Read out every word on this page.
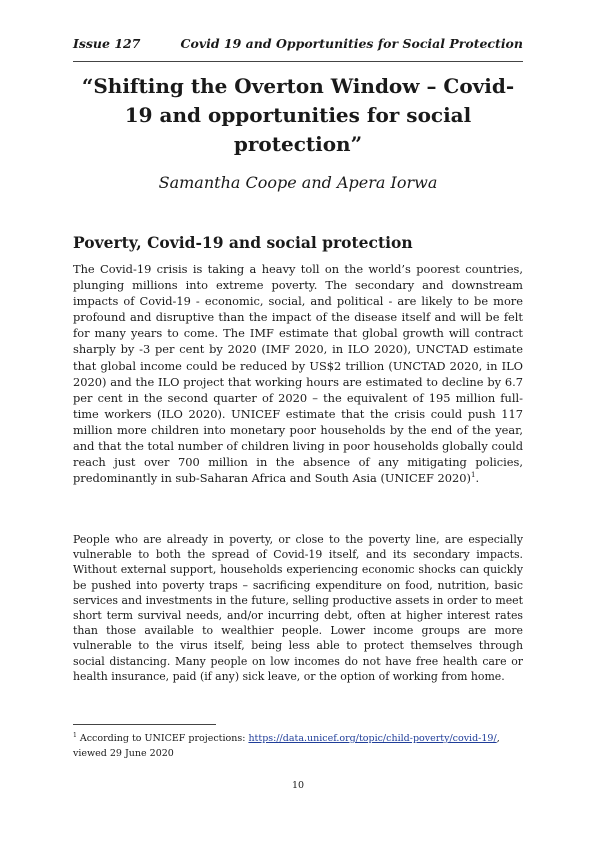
Issue 127	Covid 19 and Opportunities for Social Protection
“Shifting the Overton Window – Covid-19 and opportunities for social protection”
Samantha Coope and Apera Iorwa
Poverty, Covid-19 and social protection

The Covid-19 crisis is taking a heavy toll on the world’s poorest countries, plunging millions into extreme poverty. The secondary and downstream impacts of Covid-19 - economic, social, and political - are likely to be more profound and disruptive than the impact of the disease itself and will be felt for many years to come. The IMF estimate that global growth will contract sharply by -3 per cent by 2020 (IMF 2020, in ILO 2020), UNCTAD estimate that global income could be reduced by US$2 trillion (UNCTAD 2020, in ILO 2020) and the ILO project that working hours are estimated to decline by 6.7 per cent in the second quarter of 2020 – the equivalent of 195 million full-time workers (ILO 2020). UNICEF estimate that the crisis could push 117 million more children into monetary poor households by the end of the year, and that the total number of children living in poor households globally could reach just over 700 million in the absence of any mitigating policies, predominantly in sub-Saharan Africa and South Asia (UNICEF 2020)$^1$.

People who are already in poverty, or close to the poverty line, are especially vulnerable to both the spread of Covid-19 itself, and its secondary impacts. Without external support, households experiencing economic shocks can quickly be pushed into poverty traps – sacrificing expenditure on food, nutrition, basic services and investments in the future, selling productive assets in order to meet short term survival needs, and/or incurring debt, often at higher interest rates than those available to wealthier people. Lower income groups are more vulnerable to the virus itself, being less able to protect themselves through social distancing. Many people on low incomes do not have free health care or health insurance, paid (if any) sick leave, or the option of working from home.

$^1$ According to UNICEF projections: https://data.unicef.org/topic/child-poverty/covid-19/, viewed 29 June 2020

10
